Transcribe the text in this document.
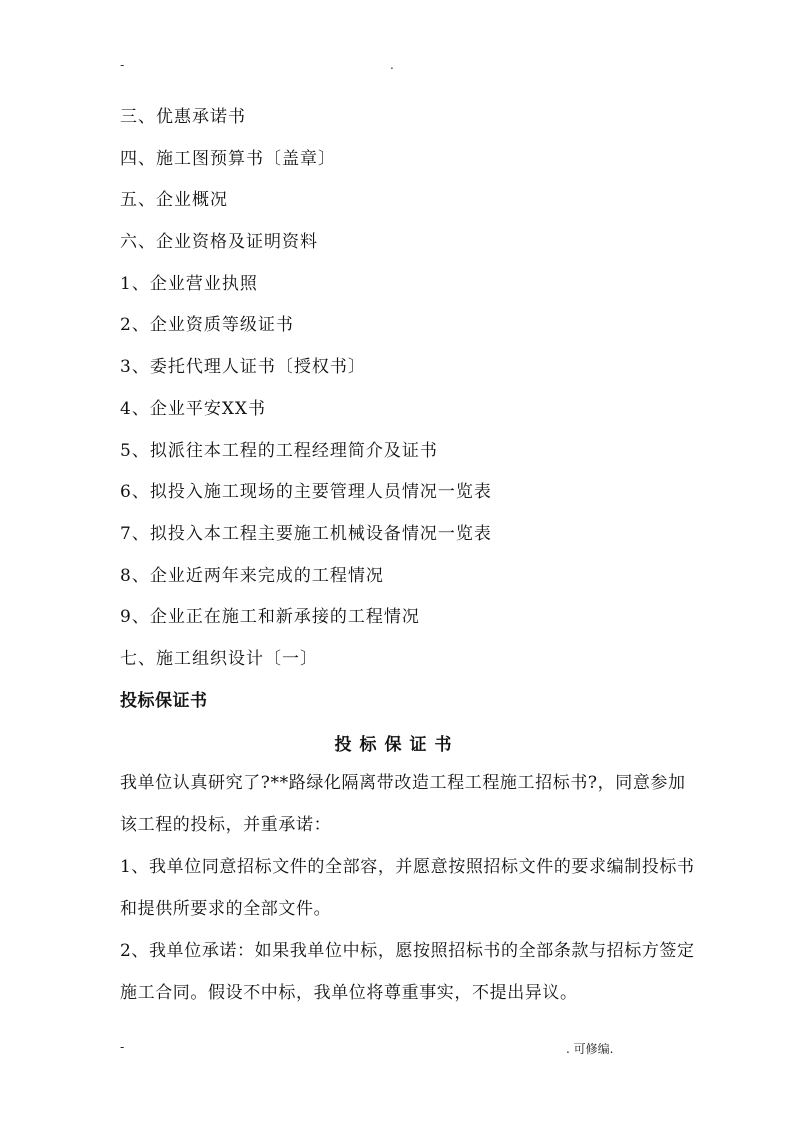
-	.
三、优惠承诺书
四、施工图预算书〔盖章〕
五、企业概况
六、企业资格及证明资料
1、企业营业执照
2、企业资质等级证书
3、委托代理人证书〔授权书〕
4、企业平安XX书
5、拟派往本工程的工程经理简介及证书
6、拟投入施工现场的主要管理人员情况一览表
7、拟投入本工程主要施工机械设备情况一览表
8、企业近两年来完成的工程情况
9、企业正在施工和新承接的工程情况
七、施工组织设计〔一〕
投标保证书
投标保证书
我单位认真研究了?**路绿化隔离带改造工程工程施工招标书?，同意参加
该工程的投标，并重承诺：
1、我单位同意招标文件的全部容，并愿意按照招标文件的要求编制投标书
和提供所要求的全部文件。
2、我单位承诺：如果我单位中标，愿按照招标书的全部条款与招标方签定
施工合同。假设不中标，我单位将尊重事实，不提出异议。
-	. 可修编.
